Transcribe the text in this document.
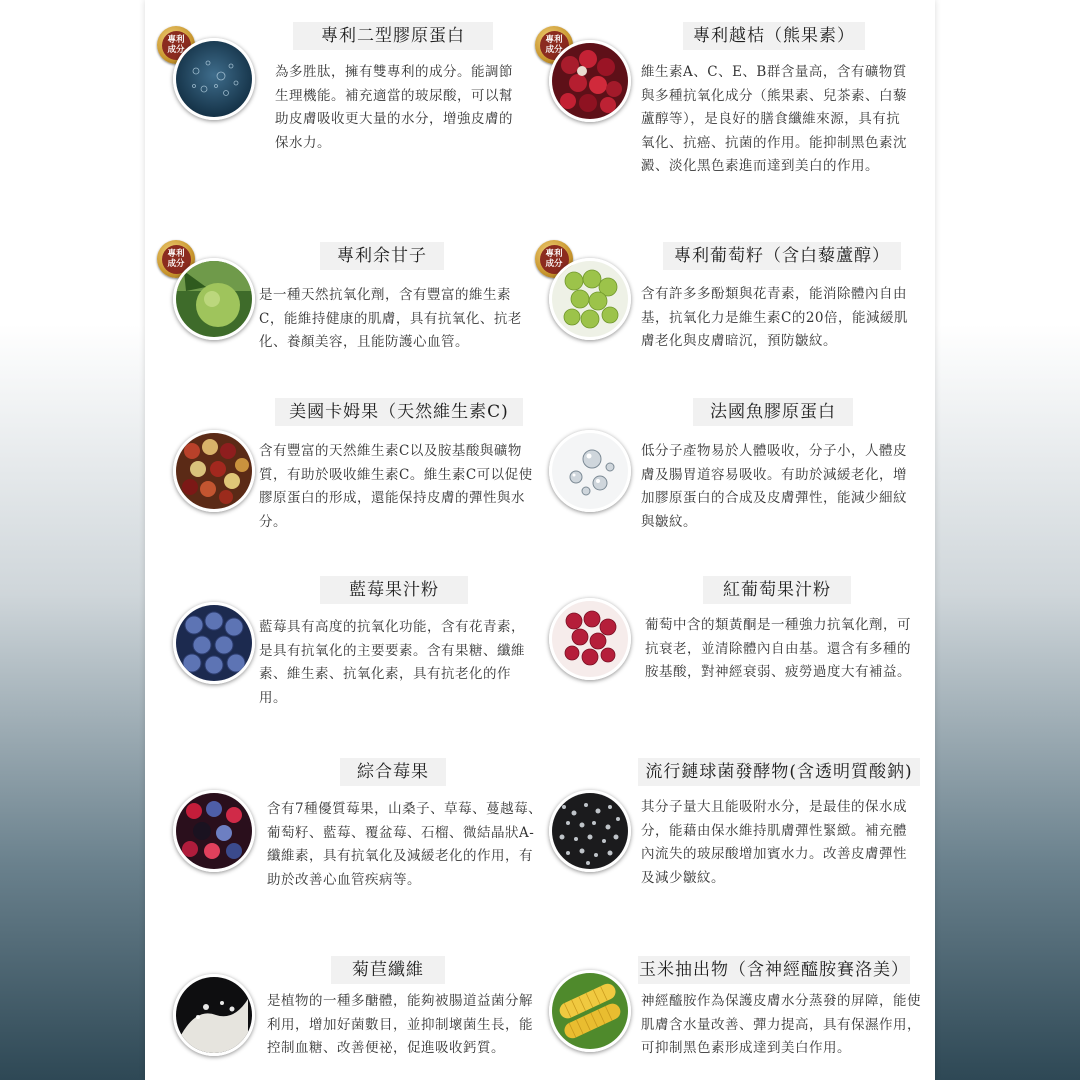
專利
成分
專利二型膠原蛋白
為多胜肽，擁有雙專利的成分。能調節生理機能。補充適當的玻尿酸，可以幫助皮膚吸收更大量的水分，增強皮膚的保水力。
專利
成分
專利越桔（熊果素）
維生素A、C、E、B群含量高，含有礦物質與多種抗氧化成分（熊果素、兒茶素、白藜蘆醇等），是良好的膳食纖維來源，具有抗氧化、抗癌、抗菌的作用。能抑制黑色素沈澱、淡化黑色素進而達到美白的作用。
專利
成分	專利余甘子
是一種天然抗氧化劑，含有豐富的維生素C，能維持健康的肌膚，具有抗氧化、抗老化、養顏美容，且能防護心血管。
專利
成分	專利葡萄籽（含白藜蘆醇）
含有許多多酚類與花青素，能消除體內自由基，抗氧化力是維生素C的20倍，能減緩肌膚老化與皮膚暗沉，預防皺紋。
美國卡姆果（天然維生素C)
含有豐富的天然維生素C以及胺基酸與礦物質，有助於吸收維生素C。維生素C可以促使膠原蛋白的形成，還能保持皮膚的彈性與水分。
法國魚膠原蛋白
低分子產物易於人體吸收，分子小，人體皮膚及腸胃道容易吸收。有助於減緩老化，增加膠原蛋白的合成及皮膚彈性，能減少細紋與皺紋。
藍莓果汁粉
藍莓具有高度的抗氧化功能，含有花青素，是具有抗氧化的主要要素。含有果糖、纖維素、維生素、抗氧化素，具有抗老化的作用。
紅葡萄果汁粉
葡萄中含的類黃酮是一種強力抗氧化劑，可抗衰老，並清除體內自由基。還含有多種的胺基酸，對神經衰弱、疲勞過度大有補益。
綜合莓果
含有7種優質莓果，山桑子、草莓、蔓越莓、葡萄籽、藍莓、覆盆莓、石榴、微結晶狀A-纖維素，具有抗氧化及減緩老化的作用，有助於改善心血管疾病等。
流行鏈球菌發酵物(含透明質酸鈉)
其分子量大且能吸附水分，是最佳的保水成分，能藉由保水維持肌膚彈性緊緻。補充體內流失的玻尿酸增加賓水力。改善皮膚彈性及減少皺紋。
菊苣纖維
是植物的一種多醣體，能夠被腸道益菌分解利用，增加好菌數目，並抑制壞菌生長，能控制血糖、改善便祕，促進吸收鈣質。
玉米抽出物（含神經醯胺賽洛美）
神經醯胺作為保護皮膚水分蒸發的屏障，能使肌膚含水量改善、彈力提高，具有保濕作用，可抑制黑色素形成達到美白作用。
